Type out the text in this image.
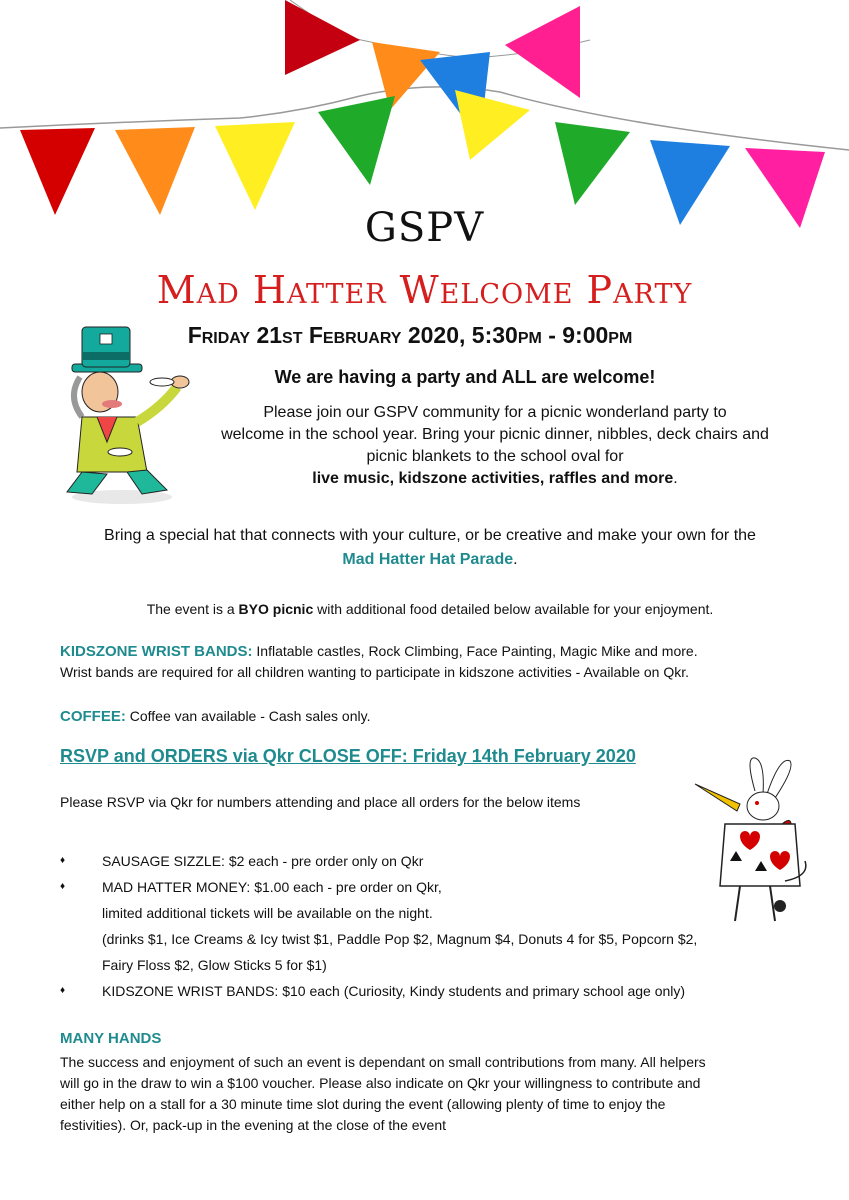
GSPV
Mad Hatter Welcome Party
Friday 21st February 2020, 5:30pm - 9:00pm
We are having a party and ALL are welcome!
Please join our GSPV community for a picnic wonderland party to
welcome in the school year. Bring your picnic dinner, nibbles, deck chairs and
picnic blankets to the school oval for
live music, kidszone activities, raffles and more.
Bring a special hat that connects with your culture, or be creative and make your own for the
Mad Hatter Hat Parade.
The event is a BYO picnic with additional food detailed below available for your enjoyment.
KIDSZONE WRIST BANDS: Inflatable castles, Rock Climbing, Face Painting, Magic Mike and more.
Wrist bands are required for all children wanting to participate in kidszone activities - Available on Qkr.
COFFEE: Coffee van available - Cash sales only.
RSVP and ORDERS via Qkr CLOSE OFF: Friday 14th February 2020
Please RSVP via Qkr for numbers attending and place all orders for the below items
♦	SAUSAGE SIZZLE: $2 each - pre order only on Qkr
♦	MAD HATTER MONEY: $1.00 each - pre order on Qkr,
limited additional tickets will be available on the night.
(drinks $1, Ice Creams & Icy twist $1, Paddle Pop $2, Magnum $4, Donuts 4 for $5, Popcorn $2,
Fairy Floss $2, Glow Sticks 5 for $1)
♦	KIDSZONE WRIST BANDS: $10 each (Curiosity, Kindy students and primary school age only)
MANY HANDS
The success and enjoyment of such an event is dependant on small contributions from many. All helpers
will go in the draw to win a $100 voucher. Please also indicate on Qkr your willingness to contribute and
either help on a stall for a 30 minute time slot during the event (allowing plenty of time to enjoy the
festivities). Or, pack-up in the evening at the close of the event
